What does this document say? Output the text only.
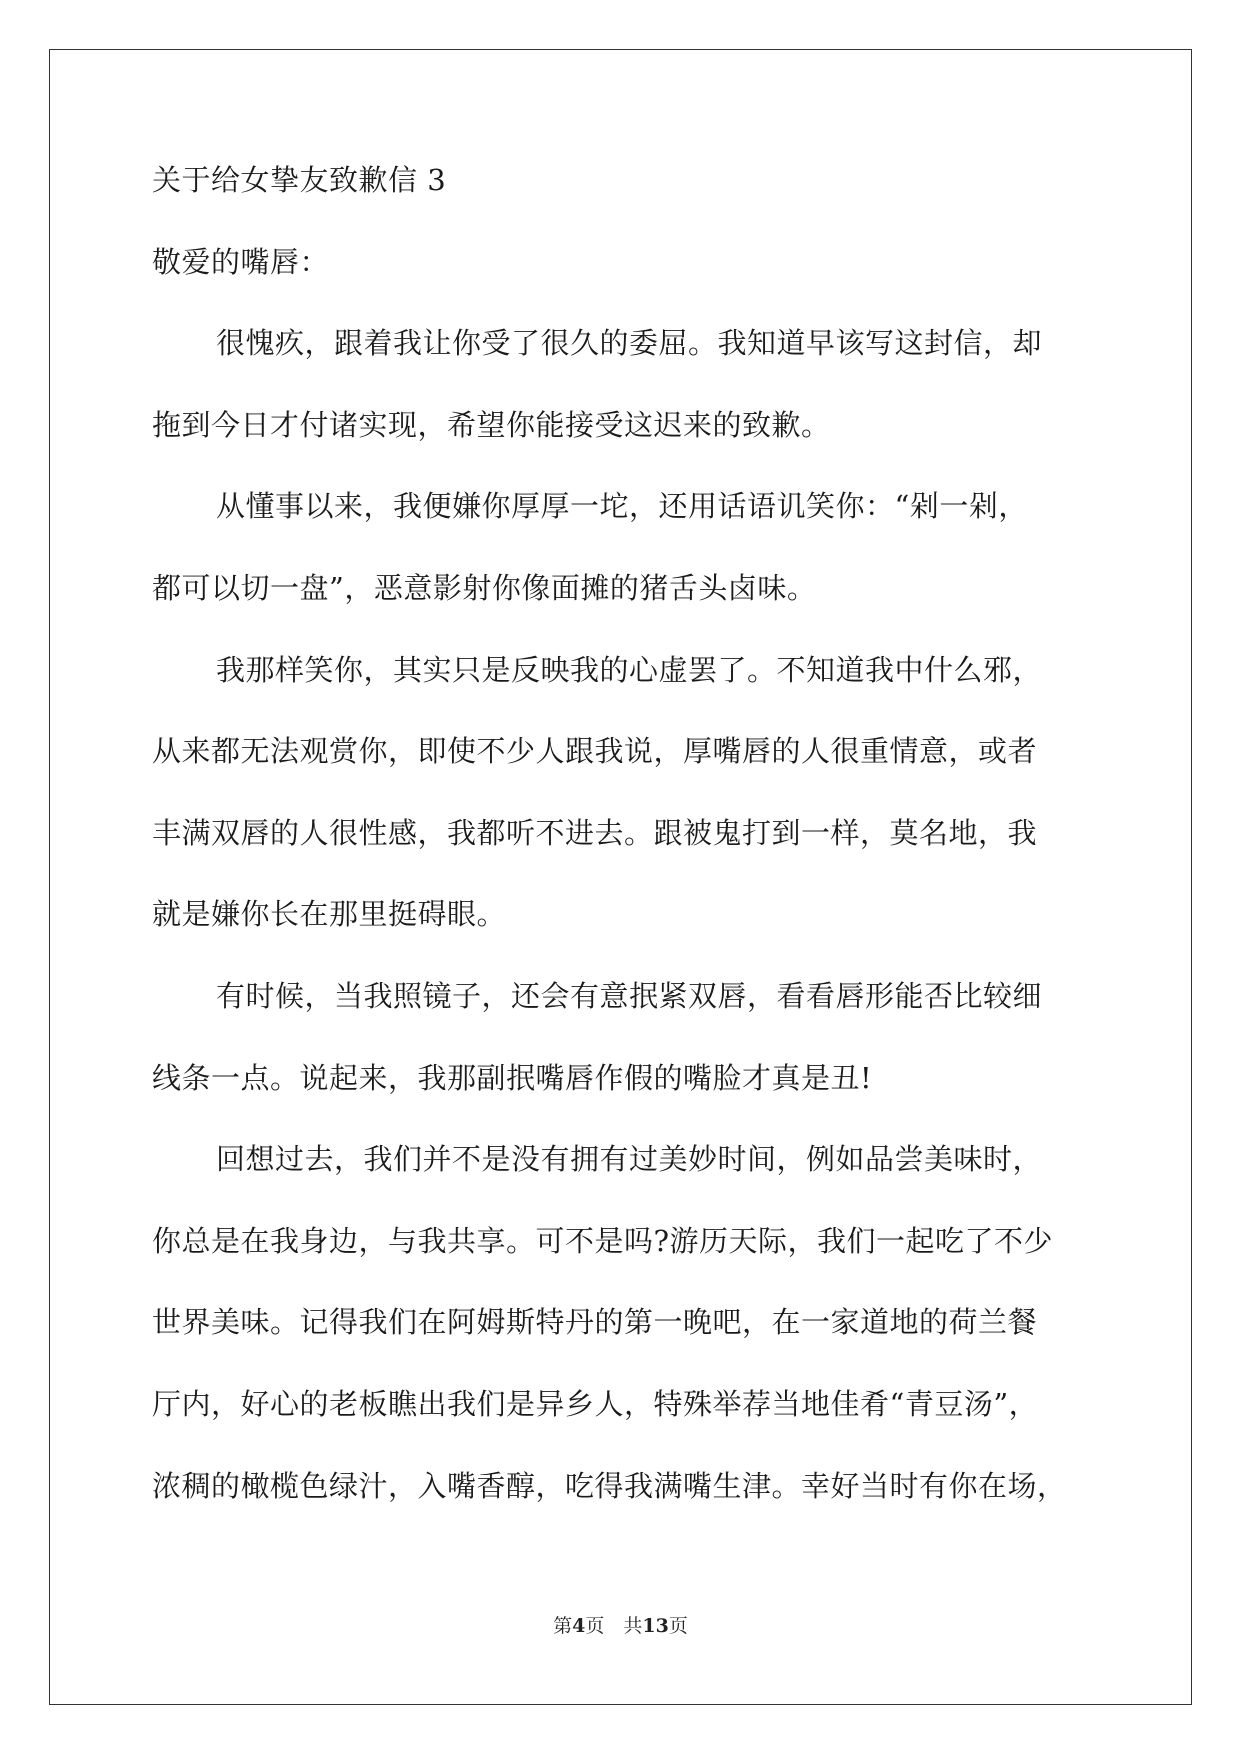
关于给女挚友致歉信 3
敬爱的嘴唇：
很愧疚，跟着我让你受了很久的委屈。我知道早该写这封信，却
拖到今日才付诸实现，希望你能接受这迟来的致歉。
从懂事以来，我便嫌你厚厚一坨，还用话语讥笑你：“剁一剁，
都可以切一盘”，恶意影射你像面摊的猪舌头卤味。
我那样笑你，其实只是反映我的心虚罢了。不知道我中什么邪，
从来都无法观赏你，即使不少人跟我说，厚嘴唇的人很重情意，或者
丰满双唇的人很性感，我都听不进去。跟被鬼打到一样，莫名地，我
就是嫌你长在那里挺碍眼。
有时候，当我照镜子，还会有意抿紧双唇，看看唇形能否比较细
线条一点。说起来，我那副抿嘴唇作假的嘴脸才真是丑!
回想过去，我们并不是没有拥有过美妙时间，例如品尝美味时，
你总是在我身边，与我共享。可不是吗?游历天际，我们一起吃了不少
世界美味。记得我们在阿姆斯特丹的第一晚吧，在一家道地的荷兰餐
厅内，好心的老板瞧出我们是异乡人，特殊举荐当地佳肴“青豆汤”，
浓稠的橄榄色绿汁，入嘴香醇，吃得我满嘴生津。幸好当时有你在场，
第4页　共13页
